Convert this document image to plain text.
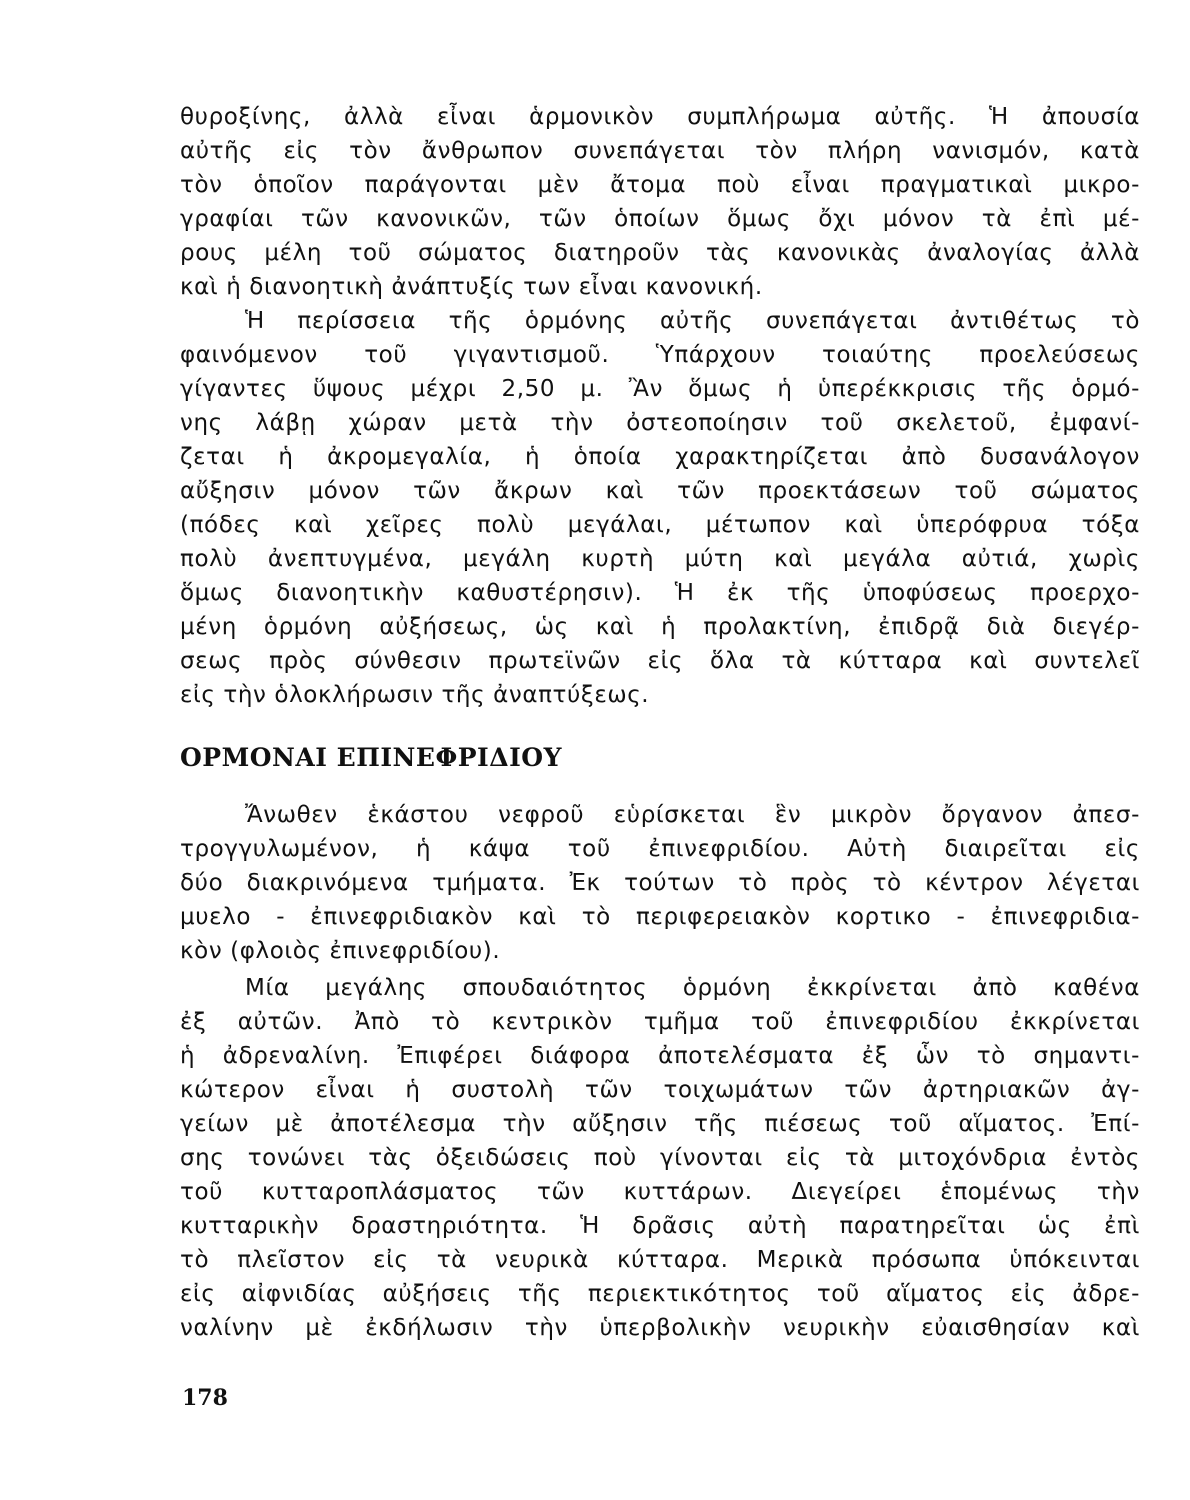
θυροξίνης, ἀλλὰ εἶναι ἁρμονικὸν συμπλήρωμα αὐτῆς. Ἡ ἀπουσία

αὐτῆς εἰς τὸν ἄνθρωπον συνεπάγεται τὸν πλήρη νανισμόν, κατὰ

τὸν ὁποῖον παράγονται μὲν ἄτομα ποὺ εἶναι πραγματικαὶ μικρο-

γραφίαι τῶν κανονικῶν, τῶν ὁποίων ὅμως ὄχι μόνον τὰ ἐπὶ μέ-

ρους μέλη τοῦ σώματος διατηροῦν τὰς κανονικὰς ἀναλογίας ἀλλὰ

καὶ ἡ διανοητικὴ ἀνάπτυξίς των εἶναι κανονική.

Ἡ περίσσεια τῆς ὁρμόνης αὐτῆς συνεπάγεται ἀντιθέτως τὸ

φαινόμενον τοῦ γιγαντισμοῦ. Ὑπάρχουν τοιαύτης προελεύσεως

γίγαντες ὕψους μέχρι 2,50 μ. Ἂν ὅμως ἡ ὑπερέκκρισις τῆς ὁρμό-

νης λάβῃ χώραν μετὰ τὴν ὀστεοποίησιν τοῦ σκελετοῦ, ἐμφανί-

ζεται ἡ ἀκρομεγαλία, ἡ ὁποία χαρακτηρίζεται ἀπὸ δυσανάλογον

αὔξησιν μόνον τῶν ἄκρων καὶ τῶν προεκτάσεων τοῦ σώματος

(πόδες καὶ χεῖρες πολὺ μεγάλαι, μέτωπον καὶ ὑπερόφρυα τόξα

πολὺ ἀνεπτυγμένα, μεγάλη κυρτὴ μύτη καὶ μεγάλα αὐτιά, χωρὶς

ὅμως διανοητικὴν καθυστέρησιν). Ἡ ἐκ τῆς ὑποφύσεως προερχο-

μένη ὁρμόνη αὐξήσεως, ὡς καὶ ἡ προλακτίνη, ἐπιδρᾷ διὰ διεγέρ-

σεως πρὸς σύνθεσιν πρωτεϊνῶν εἰς ὅλα τὰ κύτταρα καὶ συντελεῖ

εἰς τὴν ὁλοκλήρωσιν τῆς ἀναπτύξεως.

ΟΡΜΟΝΑΙ ΕΠΙΝΕΦΡΙΔΙΟΥ

Ἄνωθεν ἑκάστου νεφροῦ εὑρίσκεται ἓν μικρὸν ὄργανον ἀπεσ-

τρογγυλωμένον, ἡ κάψα τοῦ ἐπινεφριδίου. Αὐτὴ διαιρεῖται εἰς

δύο διακρινόμενα τμήματα. Ἐκ τούτων τὸ πρὸς τὸ κέντρον λέγεται

μυελο - ἐπινεφριδιακὸν καὶ τὸ περιφερειακὸν κορτικο - ἐπινεφριδια-

κὸν (φλοιὸς ἐπινεφριδίου).

Μία μεγάλης σπουδαιότητος ὁρμόνη ἐκκρίνεται ἀπὸ καθένα

ἐξ αὐτῶν. Ἀπὸ τὸ κεντρικὸν τμῆμα τοῦ ἐπινεφριδίου ἐκκρίνεται

ἡ ἀδρεναλίνη. Ἐπιφέρει διάφορα ἀποτελέσματα ἐξ ὧν τὸ σημαντι-

κώτερον εἶναι ἡ συστολὴ τῶν τοιχωμάτων τῶν ἀρτηριακῶν ἀγ-

γείων μὲ ἀποτέλεσμα τὴν αὔξησιν τῆς πιέσεως τοῦ αἵματος. Ἐπί-

σης τονώνει τὰς ὀξειδώσεις ποὺ γίνονται εἰς τὰ μιτοχόνδρια ἐντὸς

τοῦ κυτταροπλάσματος τῶν κυττάρων. Διεγείρει ἑπομένως τὴν

κυτταρικὴν δραστηριότητα. Ἡ δρᾶσις αὐτὴ παρατηρεῖται ὡς ἐπὶ

τὸ πλεῖστον εἰς τὰ νευρικὰ κύτταρα. Μερικὰ πρόσωπα ὑπόκεινται

εἰς αἰφνιδίας αὐξήσεις τῆς περιεκτικότητος τοῦ αἵματος εἰς ἀδρε-

ναλίνην μὲ ἐκδήλωσιν τὴν ὑπερβολικὴν νευρικὴν εὐαισθησίαν καὶ

178
